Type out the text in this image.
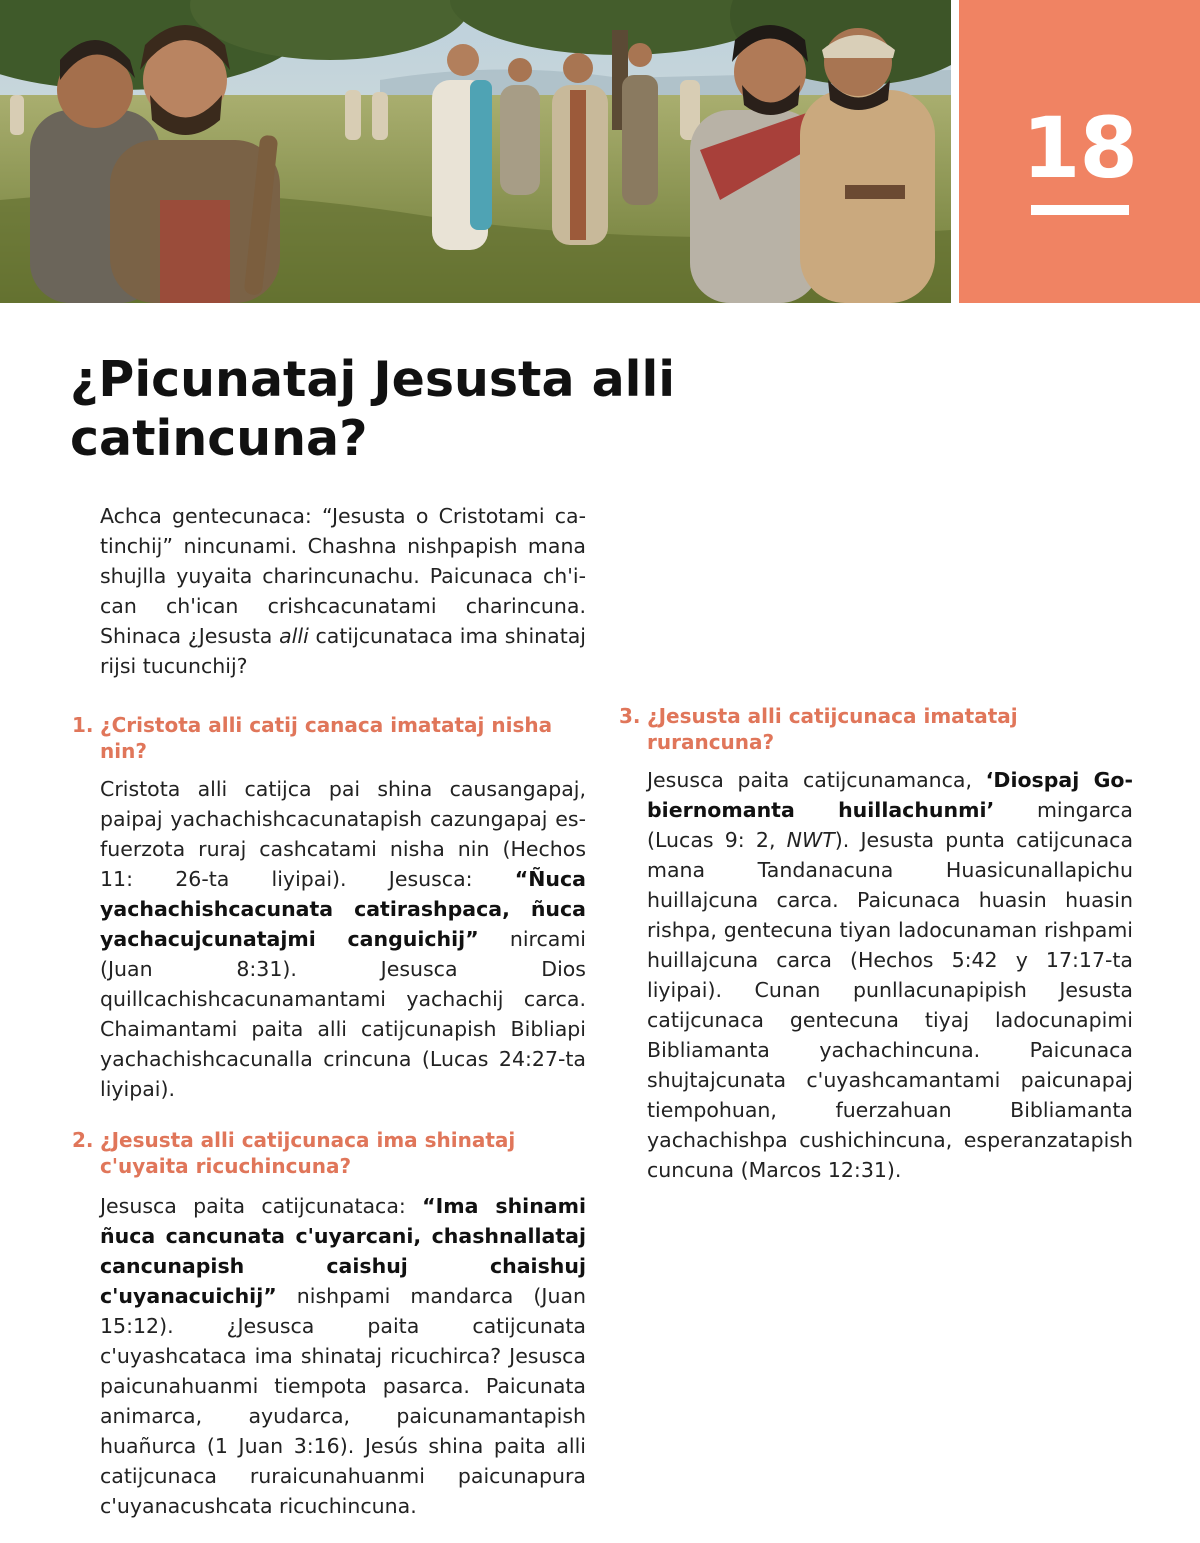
18
¿Picunataj Jesusta alli catincuna?

Achca gentecunaca: “Jesusta o Cristotami catinchij” nincunami. Chashna nishpapish mana shujlla yuyaita charincunachu. Paicunaca ch'ican ch'ican crishcacunatami charincuna. Shinaca ¿Jesusta alli catijcunataca ima shinataj rijsi tucunchij?

1. ¿Cristota alli catij canaca imatataj nisha nin?

Cristota alli catijca pai shina causangapaj, paipaj yachachishcacunatapish cazungapaj esfuerzota ruraj cashcatami nisha nin (Hechos 11: 26-ta liyipai). Jesusca: “Ñuca yachachishcacunata catirashpaca, ñuca yachacujcunatajmi canguichij” nircami (Juan 8:31). Jesusca Dios quillcachishcacunamantami yachachij carca. Chaimantami paita alli catijcunapish Bibliapi yachachishcacunalla crincuna (Lucas 24:27-ta liyipai).

2. ¿Jesusta alli catijcunaca ima shinataj c'uyaita ricuchincuna?

Jesusca paita catijcunataca: “Ima shinami ñuca cancunata c'uyarcani, chashnallataj cancunapish caishuj chaishuj c'uyanacuichij” nishpami mandarca (Juan 15:12). ¿Jesusca paita catijcunata c'uyashcataca ima shinataj ricuchirca? Jesusca paicunahuanmi tiempota pasarca. Paicunata animarca, ayudarca, paicunamantapish huañurca (1 Juan 3:16). Jesús shina paita alli catijcunaca ruraicunahuanmi paicunapura c'uyanacushcata ricuchincuna.

3. ¿Jesusta alli catijcunaca imatataj rurancuna?

Jesusca paita catijcunamanca, ‘Diospaj Gobiernomanta huillachunmi’ mingarca (Lucas 9: 2, NWT). Jesusta punta catijcunaca mana Tandanacuna Huasicunallapichu huillajcuna carca. Paicunaca huasin huasin rishpa, gentecuna tiyan ladocunaman rishpami huillajcuna carca (Hechos 5:42 y 17:17-ta liyipai). Cunan punllacunapipish Jesusta catijcunaca gentecuna tiyaj ladocunapimi Bibliamanta yachachincuna. Paicunaca shujtajcunata c'uyashcamantami paicunapaj tiempohuan, fuerzahuan Bibliamanta yachachishpa cushichincuna, esperanzatapish cuncuna (Marcos 12:31).
